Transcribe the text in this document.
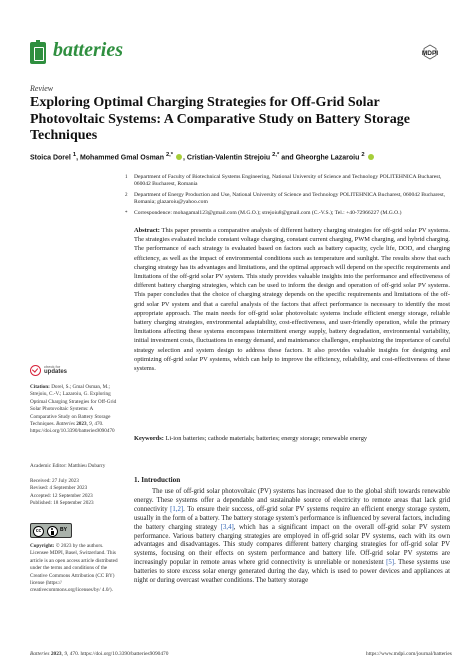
batteries	MDPI
Review
Exploring Optimal Charging Strategies for Off-Grid Solar Photovoltaic Systems: A Comparative Study on Battery Storage Techniques
Stoica Dorel $^1$, Mohammed Gmal Osman $^{2,*}$ , Cristian-Valentin Strejoiu $^{2,*}$ and Gheorghe Lazaroiu $^2$
1 Department of Faculty of Biotechnical Systems Engineering, National University of Science and Technology POLITEHNICA Bucharest, 060042 Bucharest, Romania
2 Department of Energy Production and Use, National University of Science and Technology POLITEHNICA Bucharest, 060042 Bucharest, Romania; glazaroiu@yahoo.com
* Correspondence: mohagamal123@gmail.com (M.G.O.); strejoiu8@gmail.com (C.-V.S.); Tel.: +40-72966227 (M.G.O.)
Abstract: This paper presents a comparative analysis of different battery charging strategies for off-grid solar PV systems. The strategies evaluated include constant voltage charging, constant current charging, PWM charging, and hybrid charging. The performance of each strategy is evaluated based on factors such as battery capacity, cycle life, DOD, and charging efficiency, as well as the impact of environmental conditions such as temperature and sunlight. The results show that each charging strategy has its advantages and limitations, and the optimal approach will depend on the specific requirements and limitations of the off-grid solar PV system. This study provides valuable insights into the performance and effectiveness of different battery charging strategies, which can be used to inform the design and operation of off-grid solar PV systems. This paper concludes that the choice of charging strategy depends on the specific requirements and limitations of the off-grid solar PV system and that a careful analysis of the factors that affect performance is necessary to identify the most appropriate approach. The main needs for off-grid solar photovoltaic systems include efficient energy storage, reliable battery charging strategies, environmental adaptability, cost-effectiveness, and user-friendly operation, while the primary limitations affecting these systems encompass intermittent energy supply, battery degradation, environmental variability, initial investment costs, fluctuations in energy demand, and maintenance challenges, emphasizing the importance of careful strategy selection and system design to address these factors. It also provides valuable insights for designing and optimizing off-grid solar PV systems, which can help to improve the efficiency, reliability, and cost-effectiveness of these systems.
Keywords: Li-ion batteries; cathode materials; batteries; energy storage; renewable energy
1. Introduction
The use of off-grid solar photovoltaic (PV) systems has increased due to the global shift towards renewable energy. These systems offer a dependable and sustainable source of electricity to remote areas that lack grid connectivity [1,2]. To ensure their success, off-grid solar PV systems require an efficient energy storage system, usually in the form of a battery. The battery storage system's performance is influenced by several factors, including the battery charging strategy [3,4], which has a significant impact on the overall off-grid solar PV system performance. Various battery charging strategies are employed in off-grid solar PV systems, each with its own advantages and disadvantages. This study compares different battery charging strategies for off-grid solar PV systems, focusing on their effects on system performance and battery life. Off-grid solar PV systems are increasingly popular in remote areas where grid connectivity is unreliable or nonexistent [5]. These systems use batteries to store excess solar energy generated during the day, which is used to power devices and appliances at night or during overcast weather conditions. The battery storage
check for
updates
Citation: Dorel, S.; Gmal Osman, M.; Strejoiu, C.-V.; Lazaroiu, G. Exploring Optimal Charging Strategies for Off-Grid Solar Photovoltaic Systems: A Comparative Study on Battery Storage Techniques. Batteries 2023, 9, 470. https://doi.org/10.3390/batteries9090470
Academic Editor: Matthieu Dubarry
Received: 27 July 2023
Revised: 4 September 2023
Accepted: 12 September 2023
Published: 18 September 2023
cc	BY
Copyright: © 2023 by the authors. Licensee MDPI, Basel, Switzerland. This article is an open access article distributed under the terms and conditions of the Creative Commons Attribution (CC BY) license (https:// creativecommons.org/licenses/by/ 4.0/).
Batteries 2023, 9, 470. https://doi.org/10.3390/batteries9090470	https://www.mdpi.com/journal/batteries
